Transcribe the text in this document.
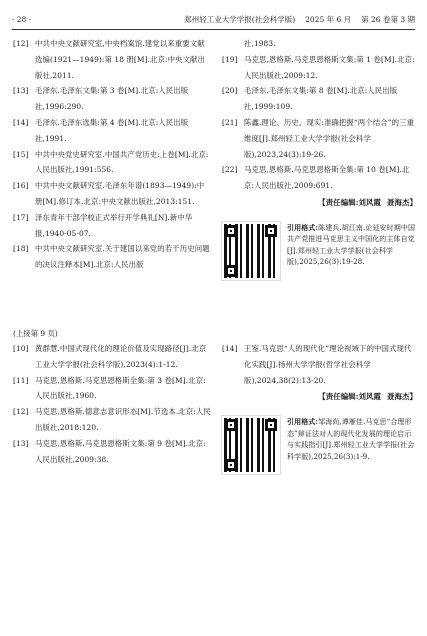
· 28 ·	郑州轻工业大学学报(社会科学版) 2025 年 6 月 第 26 卷第 3 期
[12] 中共中央文献研究室,中央档案馆.建党以来重要文献选编(1921—1949):第 18 册[M].北京:中央文献出版社,2011.
[13] 毛泽东.毛泽东文集:第 3 卷[M].北京:人民出版社,1996:290.
[14] 毛泽东.毛泽东选集:第 4 卷[M].北京:人民出版社,1991.
[15] 中共中央党史研究室.中国共产党历史:上卷[M].北京:人民出版社,1991:556.
[16] 中共中央文献研究室.毛泽东年谱(1893—1949):中册[M].修订本.北京:中央文献出版社,2013:151.
[17] 泽东青年干部学校正式举行开学典礼[N].新中华报,1940-05-07.
[18] 中共中央文献研究室.关于建国以来党的若干历史问题的决议注释本[M].北京:人民出版
社,1983.
[19] 马克思,恩格斯.马克思恩格斯文集:第 1 卷[M].北京:人民出版社,2009:12.
[20] 毛泽东.毛泽东文集:第 8 卷[M].北京:人民出版社,1999:109.
[21] 陈鑫.理论、历史、现实:准确把握“两个结合”的三重维度[J].郑州轻工业大学学报(社会科学版),2023,24(3):19-26.
[22] 马克思,恩格斯.马克思恩格斯全集:第 10 卷[M].北京:人民出版社,2009:691.
【责任编辑:刘风霞 聂海杰】
引用格式:陈建兵,胡江南.论延安时期中国共产党推进马克思主义中国化的主体自觉[J].郑州轻工业大学学报(社会科学版),2025,26(3):19-28.
(上接第 9 页)
[10] 黄群慧.中国式现代化的理论价值及实现路径[J].北京工业大学学报(社会科学版),2023(4):1-12.
[11] 马克思,恩格斯.马克思恩格斯全集:第 3 卷[M].北京:人民出版社,1960.
[12] 马克思,恩格斯.德意志意识形态[M].节选本.北京:人民出版社,2018:120.
[13] 马克思,恩格斯.马克思恩格斯文集:第 9 卷[M].北京:人民出版社,2009:38.
[14] 王鉴.马克思“人的现代化”理论视域下的中国式现代化实践[J].扬州大学学报(哲学社会科学版),2024,38(2):13-20.
【责任编辑:刘风霞 聂海杰】
引用格式:邹海尚,谭雁佳.马克思“合理形态”辩证法对人的现代化发展的理论启示与实践指引[J].郑州轻工业大学学报(社会科学版),2025,26(3):1-9.
